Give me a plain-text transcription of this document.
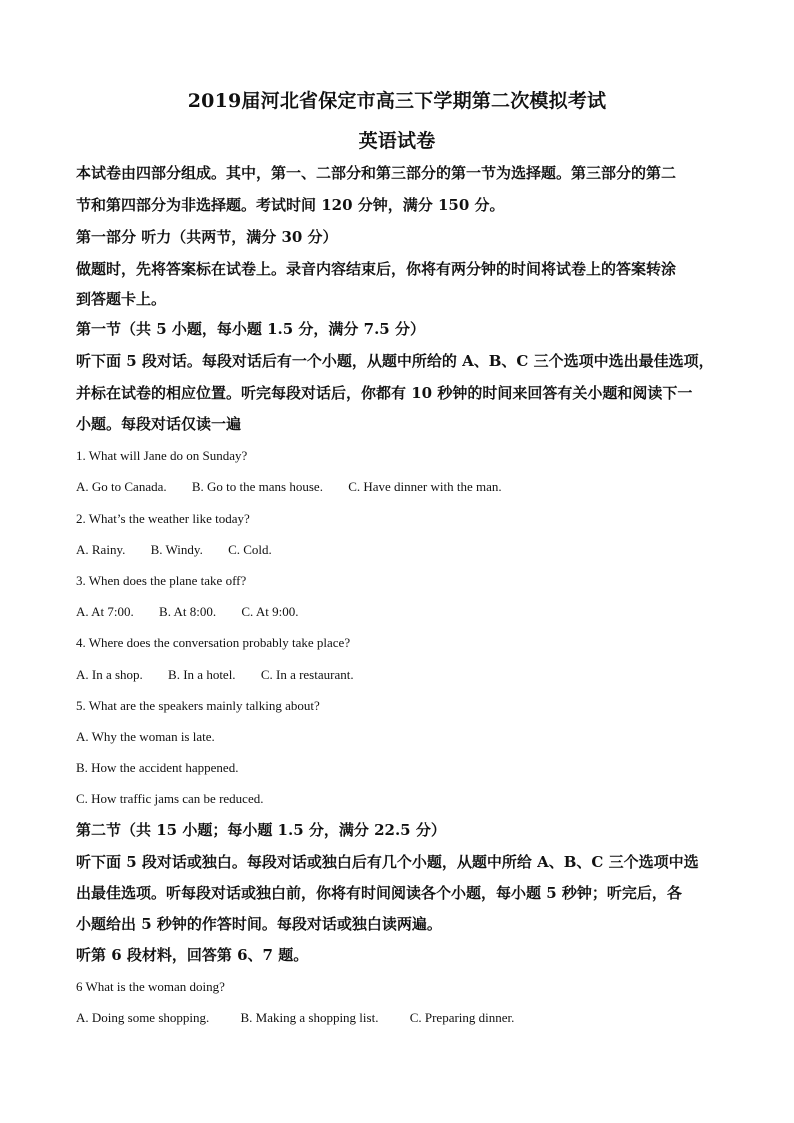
2019届河北省保定市高三下学期第二次模拟考试
英语试卷
本试卷由四部分组成。其中，第一、二部分和第三部分的第一节为选择题。第三部分的第二
节和第四部分为非选择题。考试时间 120 分钟，满分 150 分。
第一部分 听力（共两节，满分 30 分）
做题时，先将答案标在试卷上。录音内容结束后，你将有两分钟的时间将试卷上的答案转涂
到答题卡上。
第一节（共 5 小题，每小题 1.5 分，满分 7.5 分）
听下面 5 段对话。每段对话后有一个小题，从题中所给的 A、B、C 三个选项中选出最佳选项，
并标在试卷的相应位置。听完每段对话后，你都有 10 秒钟的时间来回答有关小题和阅读下一
小题。每段对话仅读一遍
1. What will Jane do on Sunday?
A. Go to Canada. B. Go to the mans house. C. Have dinner with the man.
2. What’s the weather like today?
A. Rainy. B. Windy. C. Cold.
3. When does the plane take off?
A. At 7:00. B. At 8:00. C. At 9:00.
4. Where does the conversation probably take place?
A. In a shop. B. In a hotel. C. In a restaurant.
5. What are the speakers mainly talking about?
A. Why the woman is late.
B. How the accident happened.
C. How traffic jams can be reduced.
第二节（共 15 小题；每小题 1.5 分，满分 22.5 分）
听下面 5 段对话或独白。每段对话或独白后有几个小题，从题中所给 A、B、C 三个选项中选
出最佳选项。听每段对话或独白前，你将有时间阅读各个小题，每小题 5 秒钟；听完后，各
小题给出 5 秒钟的作答时间。每段对话或独白读两遍。
听第 6 段材料，回答第 6、7 题。
6 What is the woman doing?
A. Doing some shopping. B. Making a shopping list. C. Preparing dinner.
